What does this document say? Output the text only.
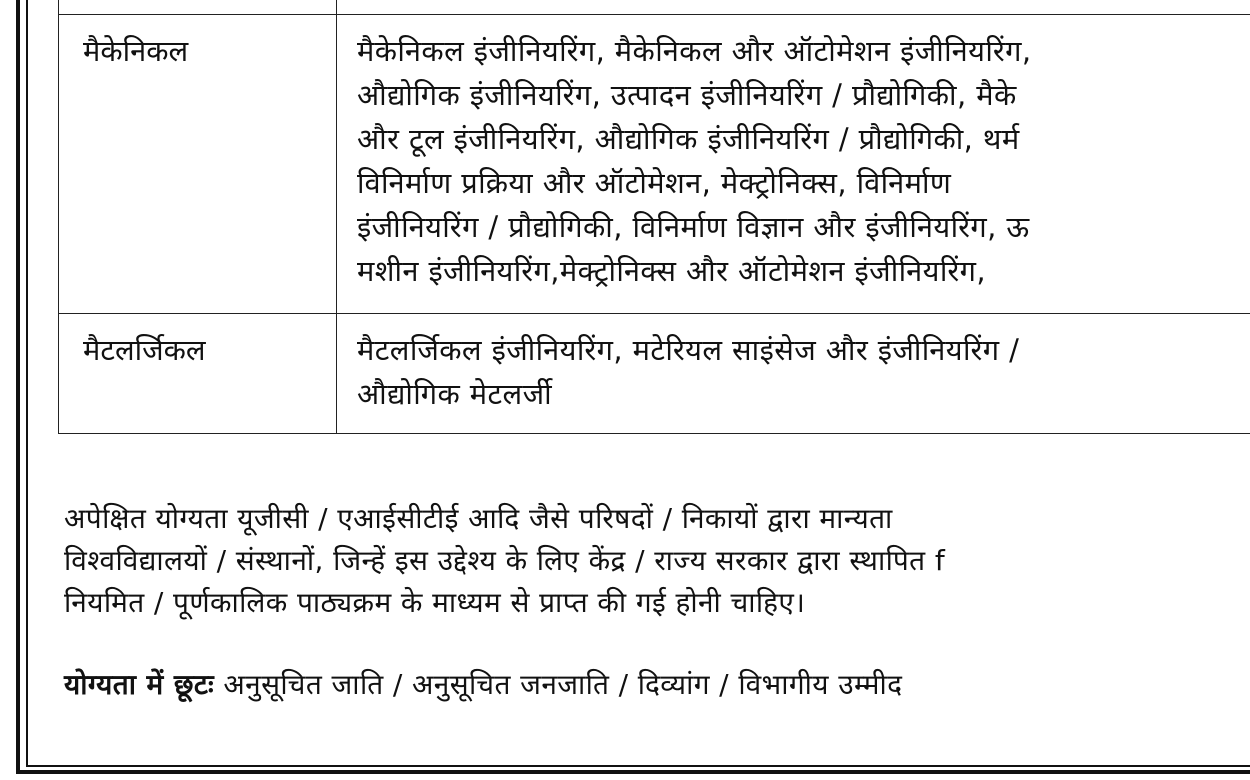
मैकेनिकल	मैकेनिकल इंजीनियरिंग, मैकेनिकल और ऑटोमेशन इंजीनियरिंग,
औद्योगिक इंजीनियरिंग, उत्पादन इंजीनियरिंग / प्रौद्योगिकी, मैके
और टूल इंजीनियरिंग, औद्योगिक इंजीनियरिंग / प्रौद्योगिकी, थर्म
विनिर्माण प्रक्रिया और ऑटोमेशन, मेक्ट्रोनिक्स, विनिर्माण
इंजीनियरिंग / प्रौद्योगिकी, विनिर्माण विज्ञान और इंजीनियरिंग, ऊ
मशीन इंजीनियरिंग,मेक्ट्रोनिक्स और ऑटोमेशन इंजीनियरिंग,
मैटलर्जिकल	मैटलर्जिकल इंजीनियरिंग, मटेरियल साइंसेज और इंजीनियरिंग /
औद्योगिक मेटलर्जी
अपेक्षित योग्यता यूजीसी / एआईसीटीई आदि जैसे परिषदों / निकायों द्वारा मान्यता
विश्वविद्यालयों / संस्थानों, जिन्हें इस उद्देश्य के लिए केंद्र / राज्य सरकार द्वारा स्थापित f
नियमित / पूर्णकालिक पाठ्यक्रम के माध्यम से प्राप्त की गई होनी चाहिए।
योग्यता में छूटः अनुसूचित जाति / अनुसूचित जनजाति / दिव्यांग / विभागीय उम्मीद
